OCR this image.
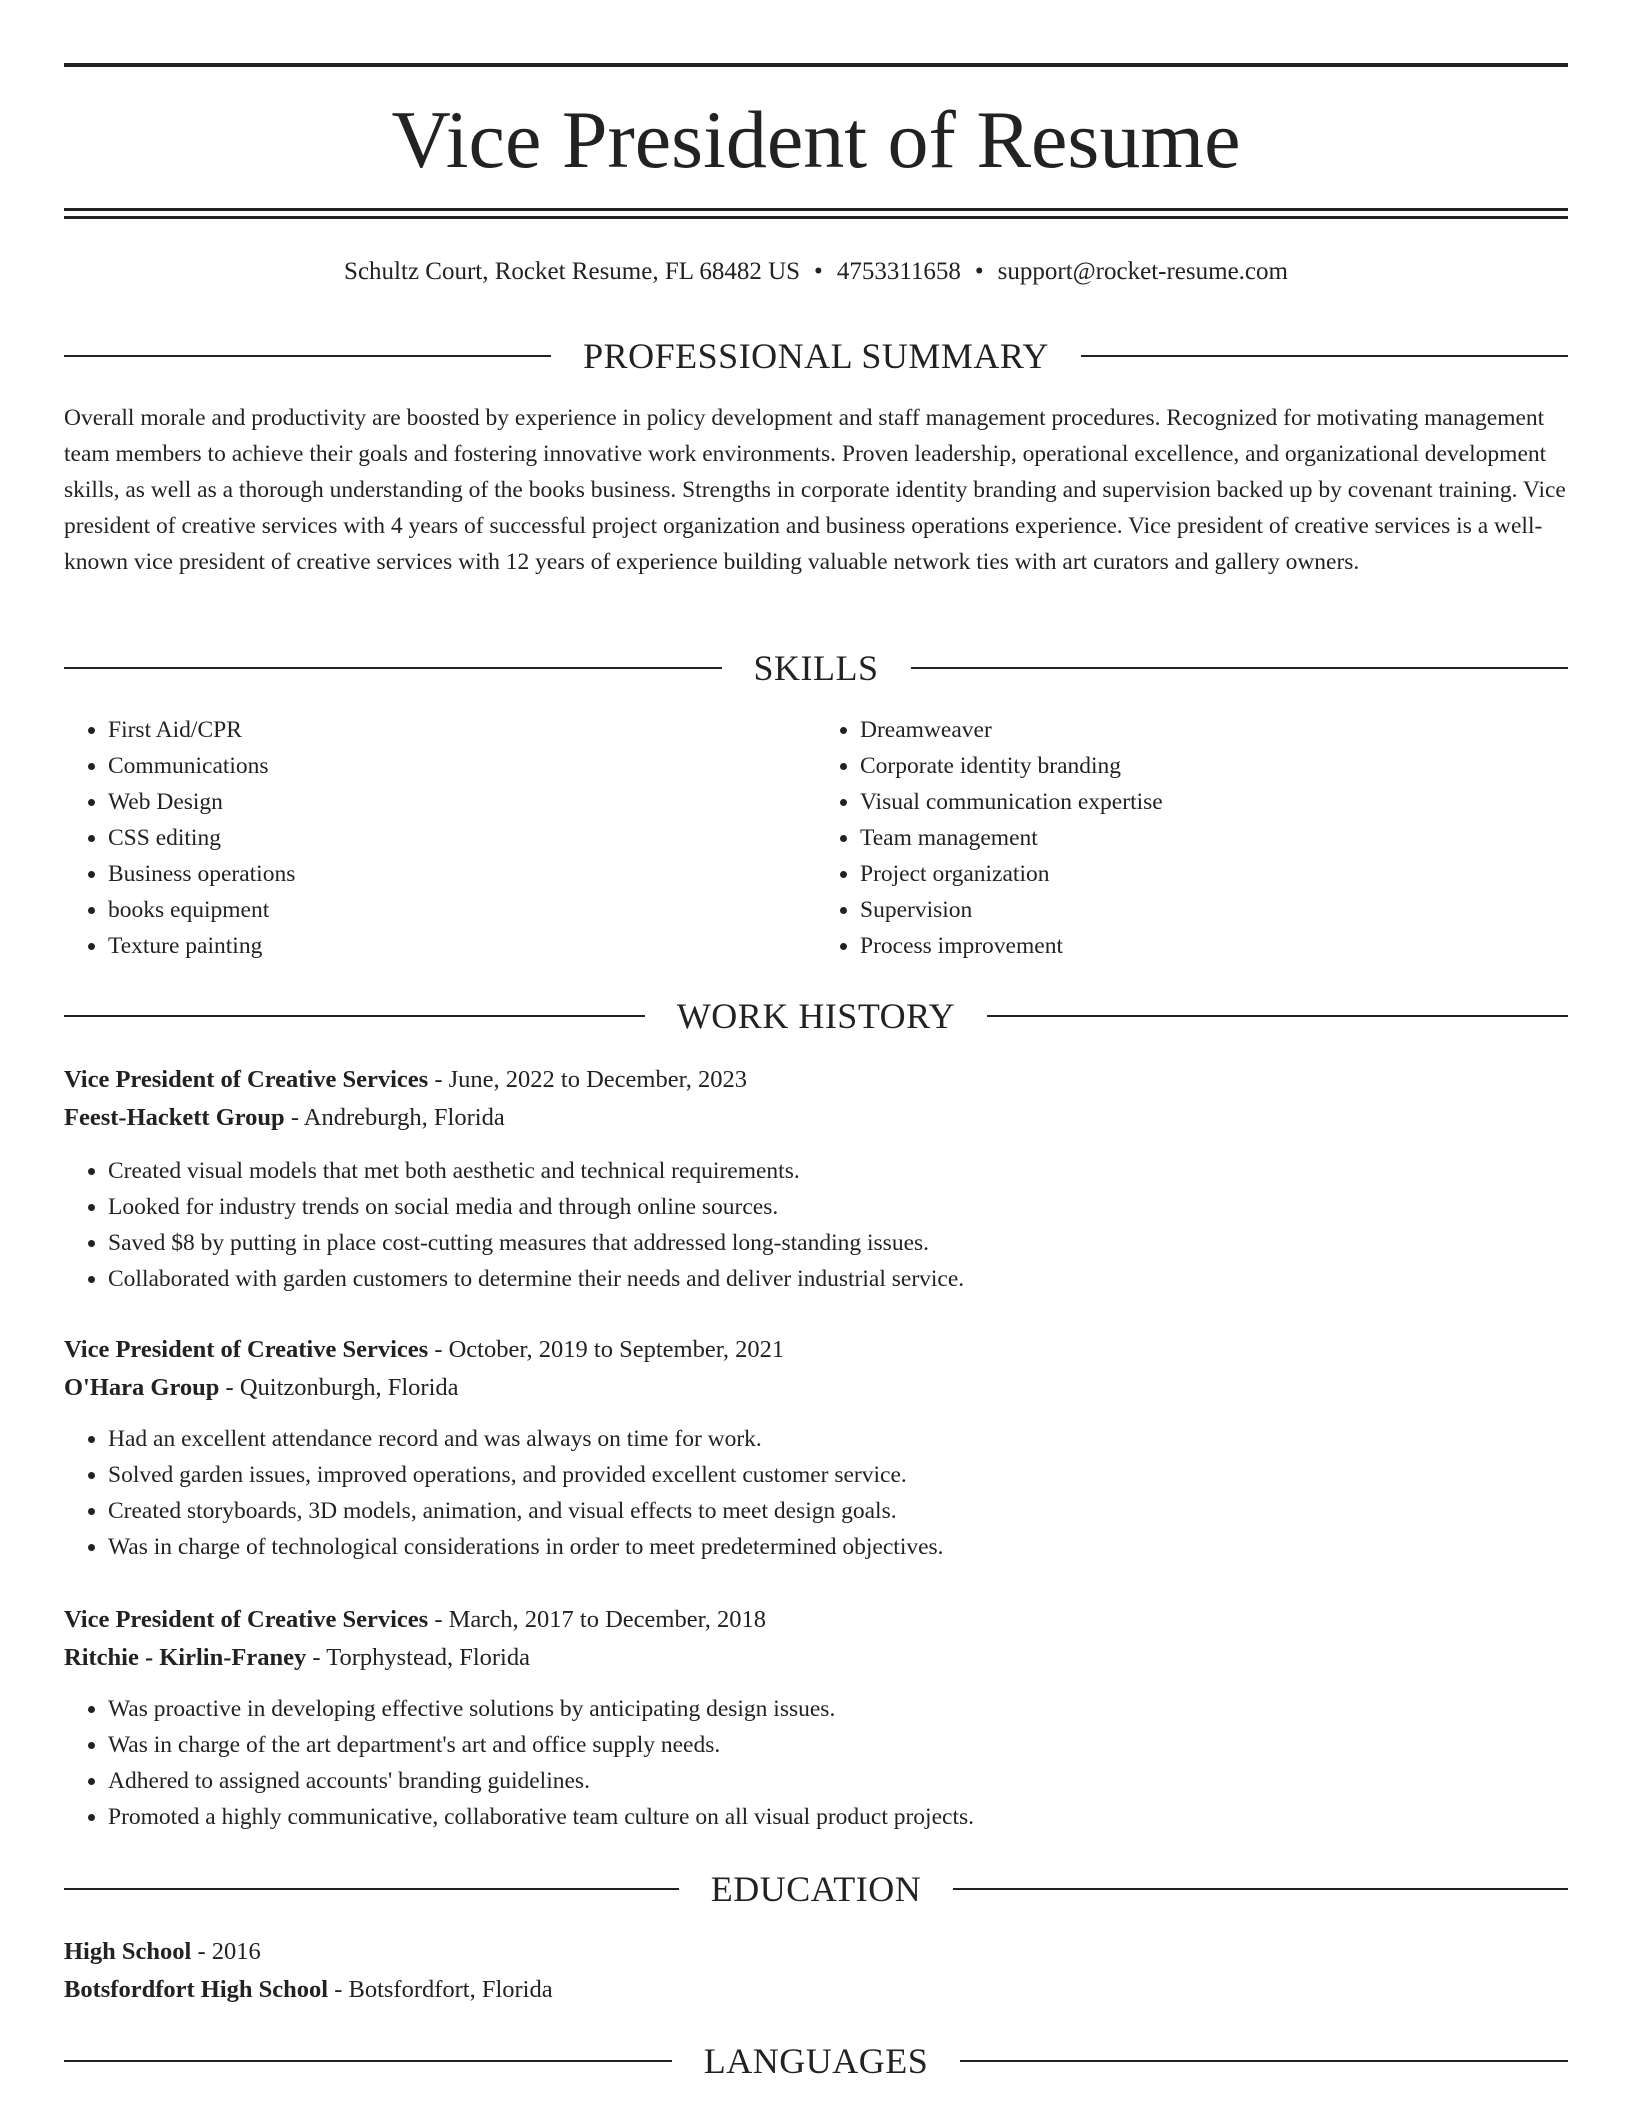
Vice President of Resume
Schultz Court, Rocket Resume, FL 68482 US • 4753311658 • support@rocket-resume.com
PROFESSIONAL SUMMARY

Overall morale and productivity are boosted by experience in policy development and staff management procedures. Recognized for motivating management team members to achieve their goals and fostering innovative work environments. Proven leadership, operational excellence, and organizational development skills, as well as a thorough understanding of the books business. Strengths in corporate identity branding and supervision backed up by covenant training. Vice president of creative services with 4 years of successful project organization and business operations experience. Vice president of creative services is a well-known vice president of creative services with 12 years of experience building valuable network ties with art curators and gallery owners.

SKILLS
• First Aid/CPR
• Communications
• Web Design
• CSS editing
• Business operations
• books equipment
• Texture painting
• Dreamweaver
• Corporate identity branding
• Visual communication expertise
• Team management
• Project organization
• Supervision
• Process improvement
WORK HISTORY
Vice President of Creative Services - June, 2022 to December, 2023
Feest-Hackett Group - Andreburgh, Florida
• Created visual models that met both aesthetic and technical requirements.
• Looked for industry trends on social media and through online sources.
• Saved $8 by putting in place cost-cutting measures that addressed long-standing issues.
• Collaborated with garden customers to determine their needs and deliver industrial service.
Vice President of Creative Services - October, 2019 to September, 2021
O'Hara Group - Quitzonburgh, Florida
• Had an excellent attendance record and was always on time for work.
• Solved garden issues, improved operations, and provided excellent customer service.
• Created storyboards, 3D models, animation, and visual effects to meet design goals.
• Was in charge of technological considerations in order to meet predetermined objectives.
Vice President of Creative Services - March, 2017 to December, 2018
Ritchie - Kirlin-Franey - Torphystead, Florida
• Was proactive in developing effective solutions by anticipating design issues.
• Was in charge of the art department's art and office supply needs.
• Adhered to assigned accounts' branding guidelines.
• Promoted a highly communicative, collaborative team culture on all visual product projects.
EDUCATION
High School - 2016
Botsfordfort High School - Botsfordfort, Florida
LANGUAGES
